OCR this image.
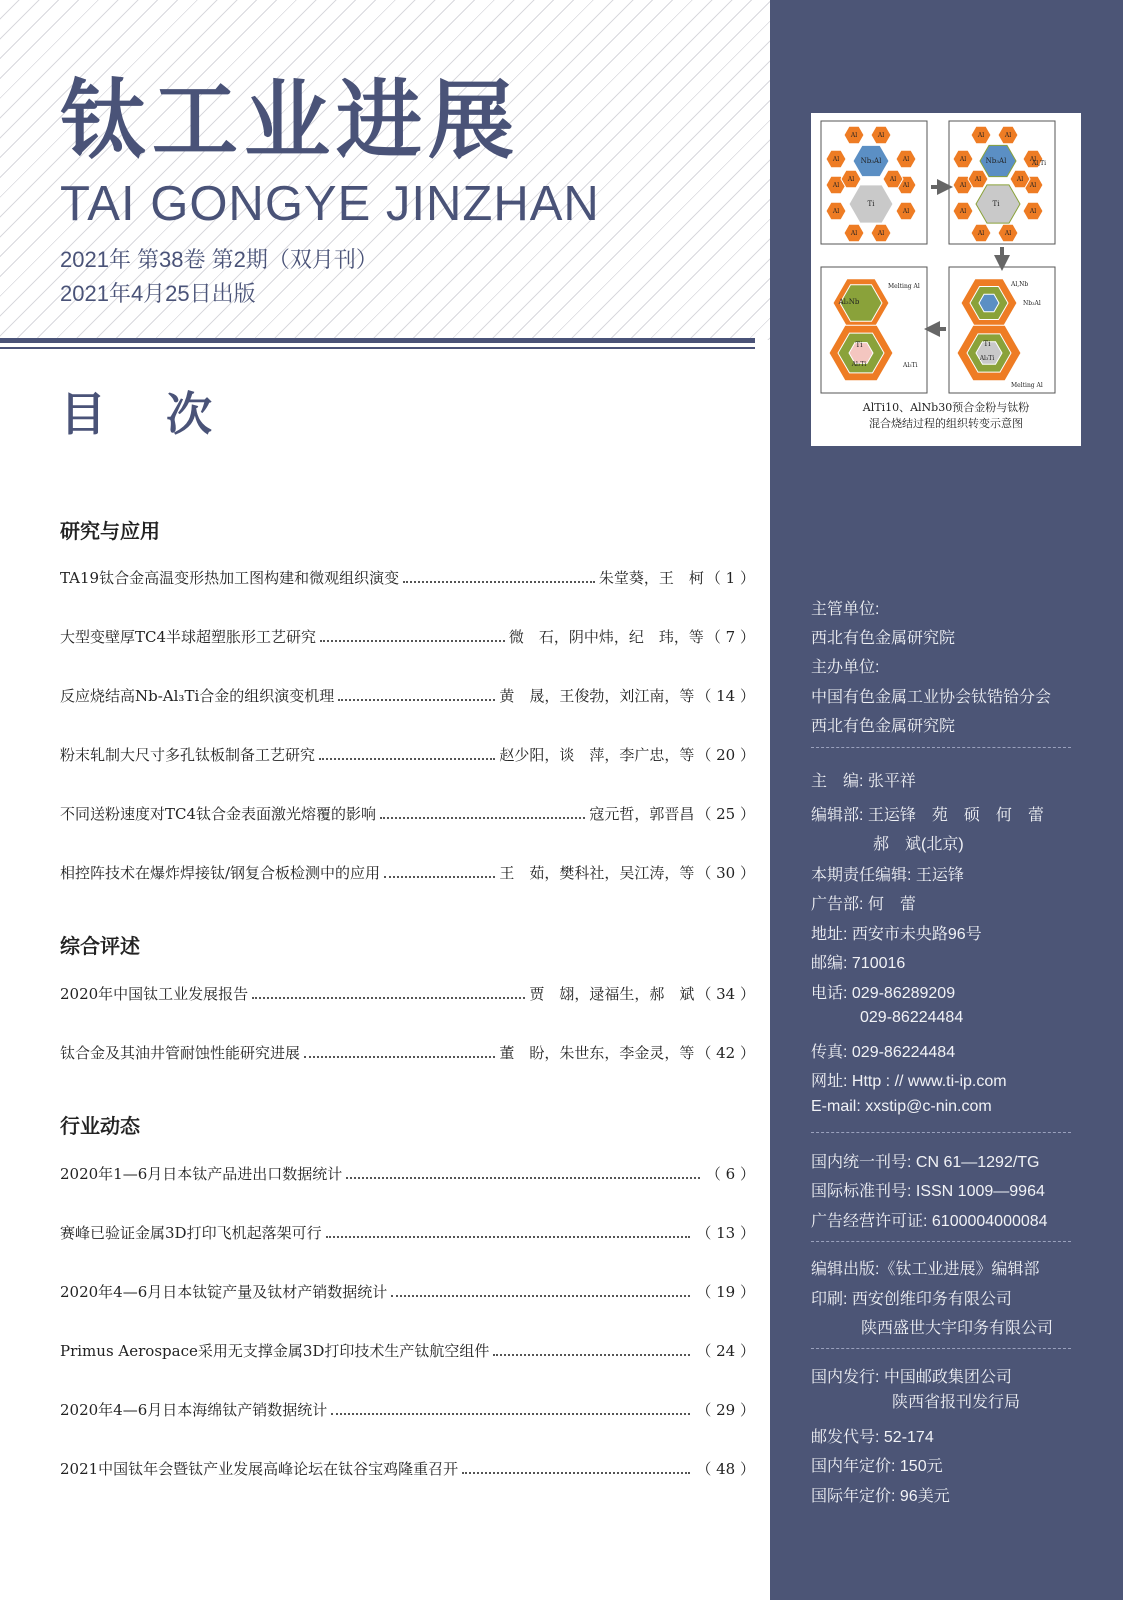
钛工业进展
TAI GONGYE JINZHAN
2021年 第38卷 第2期（双月刊）
2021年4月25日出版
目 次
研究与应用
TA19钛合金高温变形热加工图构建和微观组织演变	朱堂葵，王　柯 （ 1 ）
大型变壁厚TC4半球超塑胀形工艺研究	微　石，阴中炜，纪　玮，等 （ 7 ）
反应烧结高Nb-Al₃Ti合金的组织演变机理	黄　晟，王俊勃，刘江南，等 （ 14 ）
粉末轧制大尺寸多孔钛板制备工艺研究	赵少阳，谈　萍，李广忠，等 （ 20 ）
不同送粉速度对TC4钛合金表面激光熔覆的影响	寇元哲，郭晋昌 （ 25 ）
相控阵技术在爆炸焊接钛/钢复合板检测中的应用	王　茹，樊科社，吴江涛，等 （ 30 ）
综合评述
2020年中国钛工业发展报告	贾　翃，逯福生，郝　斌 （ 34 ）
钛合金及其油井管耐蚀性能研究进展	董　盼，朱世东，李金灵，等 （ 42 ）
行业动态
2020年1—6月日本钛产品进出口数据统计	（ 6 ）
赛峰已验证金属3D打印飞机起落架可行	（ 13 ）
2020年4—6月日本钛锭产量及钛材产销数据统计	（ 19 ）
Primus Aerospace采用无支撑金属3D打印技术生产钛航空组件	（ 24 ）
2020年4—6月日本海绵钛产销数据统计	（ 29 ）
2021中国钛年会暨钛产业发展高峰论坛在钛谷宝鸡隆重召开	（ 48 ）
Al	Al
Al	Al
Al	Al
Al	Al
Al	Al
Al	Al
Al	Al
Al	Al
Al	Al
Al	Al
Al	Al
Al	Al
Nb₃Al
Ti
Nb₃Al
Ti
Al,Ti
Melting Al
Al₃Nb
Ti
Al₃Ti	Al₃Ti
Al,Nb
Nb₃Al
Ti
Al₃Ti
Melting Al
AlTi10、AlNb30预合金粉与钛粉
混合烧结过程的组织转变示意图
主管单位:
西北有色金属研究院
主办单位:
中国有色金属工业协会钛锆铪分会
西北有色金属研究院
主　编: 张平祥
编辑部: 王运锋　苑　硕　何　蕾
郝　斌(北京)
本期责任编辑: 王运锋
广告部: 何　蕾
地址: 西安市未央路96号
邮编: 710016
电话: 029-86289209
029-86224484
传真: 029-86224484
网址: Http : // www.ti-ip.com
E-mail: xxstip@c-nin.com
国内统一刊号: CN 61—1292/TG
国际标准刊号: ISSN 1009—9964
广告经营许可证: 6100004000084
编辑出版:《钛工业进展》编辑部
印刷: 西安创维印务有限公司
陕西盛世大宇印务有限公司
国内发行: 中国邮政集团公司
陕西省报刊发行局
邮发代号: 52-174
国内年定价: 150元
国际年定价: 96美元
